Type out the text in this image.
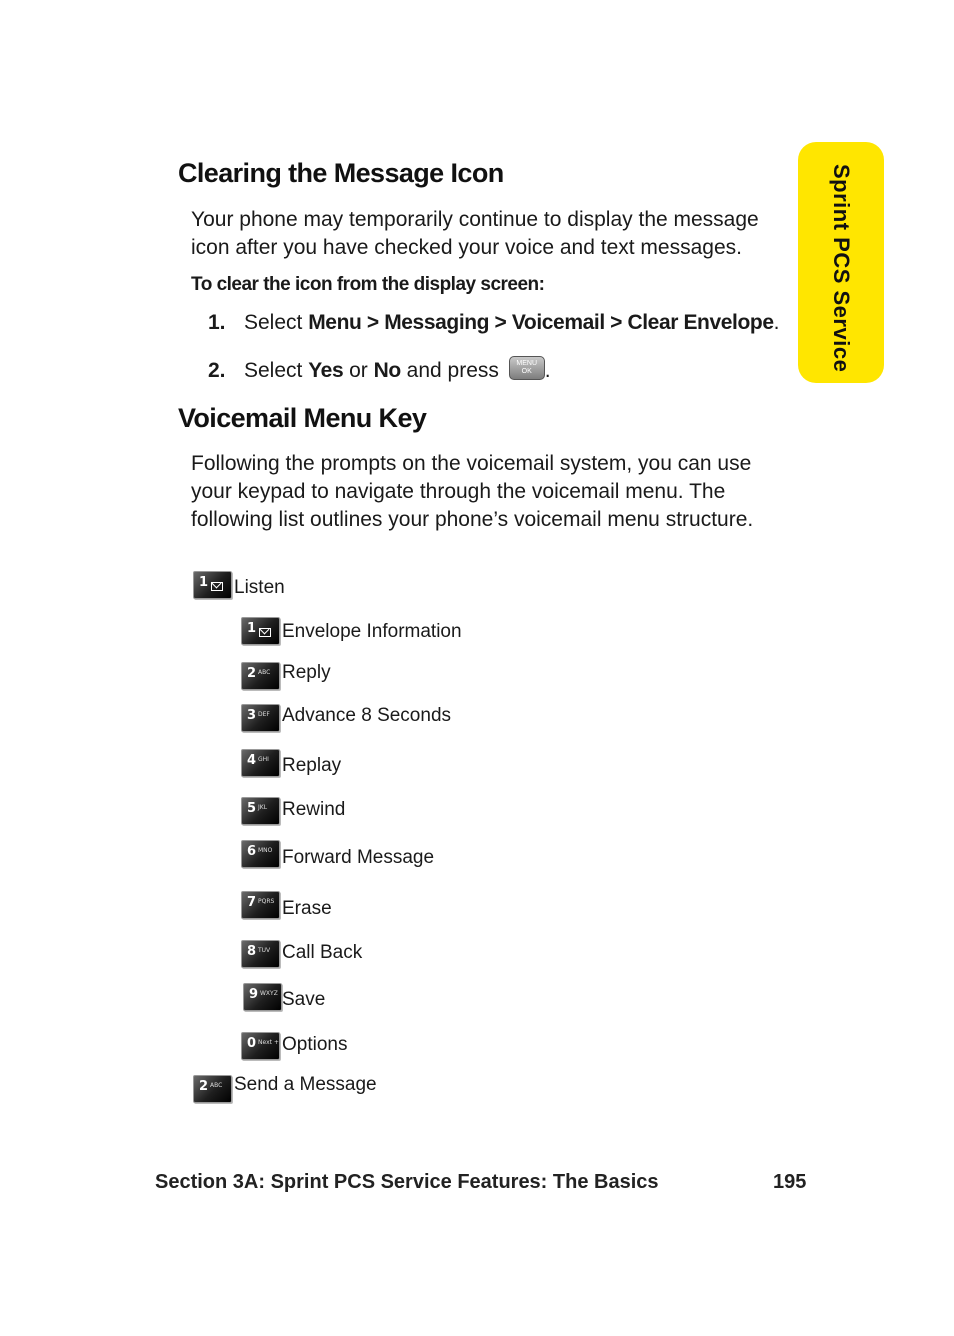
Sprint PCS Service
Clearing the Message Icon

Your phone may temporarily continue to display the message icon after you have checked your voice and text messages.

To clear the icon from the display screen:

1. Select Menu > Messaging > Voicemail > Clear Envelope.
2. Select Yes or No and press	MENU
OK .
Voicemail Menu Key

Following the prompts on the voicemail system, you can use your keypad to navigate through the voicemail menu. The following list outlines your phone’s voicemail menu structure.

1 Listen
1 Envelope Information
2 ABC Reply
3 DEF Advance 8 Seconds
4 GHI Replay
5 JKL Rewind
6 MNO Forward Message
7 PQRS Erase
8 TUV Call Back
9 WXYZ Save
0 Next + Options
2 ABC Send a Message
Section 3A: Sprint PCS Service Features: The Basics	195
